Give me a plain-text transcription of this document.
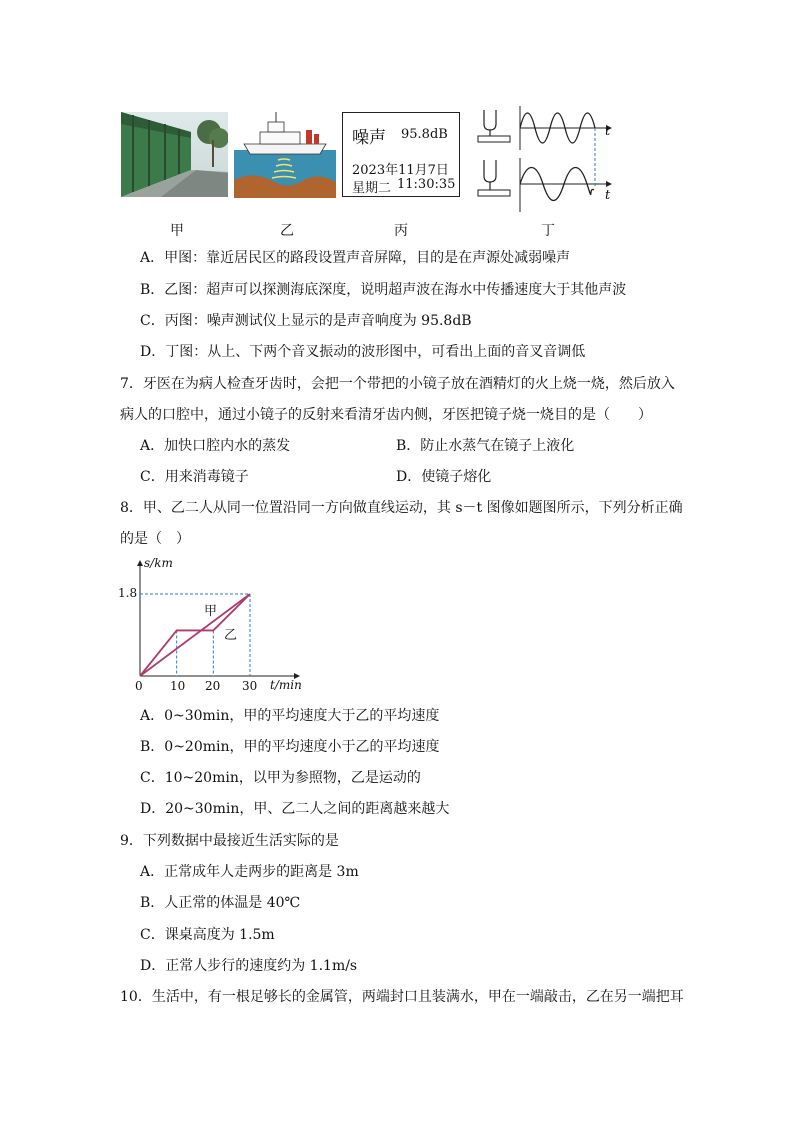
噪声 95.8dB
2023年11月7日
星期二 11:30:35
t
t
甲	乙	丙	丁
A．甲图：靠近居民区的路段设置声音屏障，目的是在声源处减弱噪声
B．乙图：超声可以探测海底深度，说明超声波在海水中传播速度大于其他声波
C．丙图：噪声测试仪上显示的是声音响度为 95.8dB
D．丁图：从上、下两个音叉振动的波形图中，可看出上面的音叉音调低
7．牙医在为病人检查牙齿时，会把一个带把的小镜子放在酒精灯的火上烧一烧，然后放入
病人的口腔中，通过小镜子的反射来看清牙齿内侧，牙医把镜子烧一烧目的是（　　）
A．加快口腔内水的蒸发	B．防止水蒸气在镜子上液化
C．用来消毒镜子	D．使镜子熔化
8．甲、乙二人从同一位置沿同一方向做直线运动，其 s－t 图像如题图所示，下列分析正确
的是（　）
s/km
t/min
1.8
0 10 20 30
甲
乙
A．0~30min，甲的平均速度大于乙的平均速度
B．0~20min，甲的平均速度小于乙的平均速度
C．10~20min，以甲为参照物，乙是运动的
D．20~30min，甲、乙二人之间的距离越来越大
9．下列数据中最接近生活实际的是
A．正常成年人走两步的距离是 3m
B．人正常的体温是 40℃
C．课桌高度为 1.5m
D．正常人步行的速度约为 1.1m/s
10．生活中，有一根足够长的金属管，两端封口且装满水，甲在一端敲击，乙在另一端把耳
